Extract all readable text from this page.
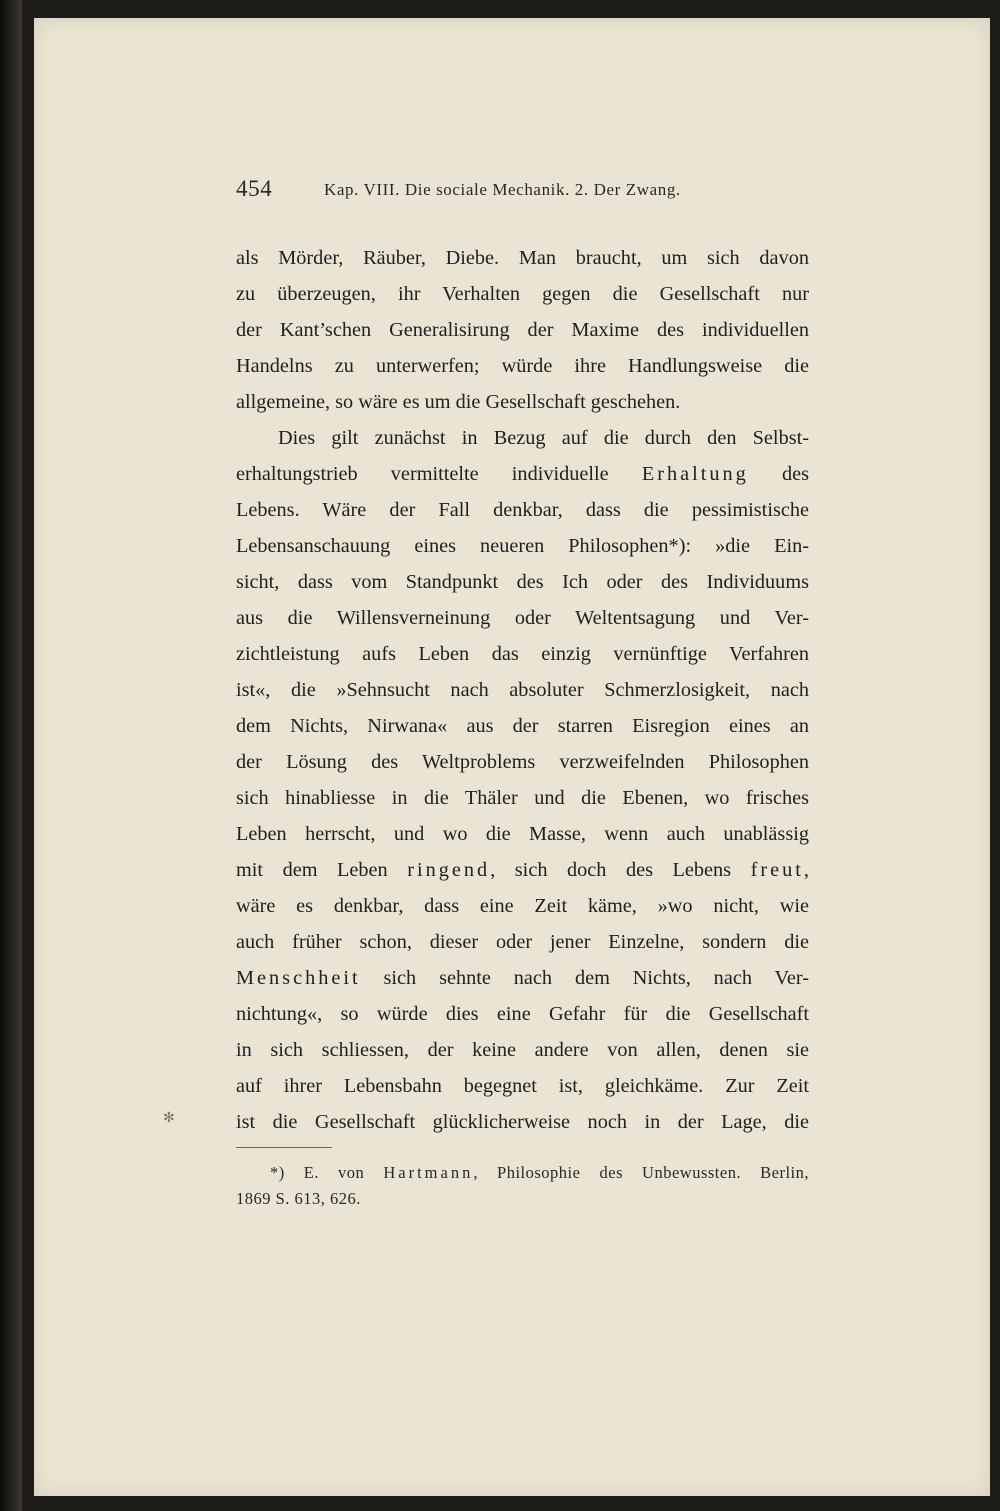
454	Kap. VIII. Die sociale Mechanik. 2. Der Zwang.
als Mörder, Räuber, Diebe. Man braucht, um sich davon
zu überzeugen, ihr Verhalten gegen die Gesellschaft nur
der Kant’schen Generalisirung der Maxime des individuellen
Handelns zu unterwerfen; würde ihre Handlungsweise die
allgemeine, so wäre es um die Gesellschaft geschehen.
Dies gilt zunächst in Bezug auf die durch den Selbst-
erhaltungstrieb vermittelte individuelle Erhaltung des
Lebens. Wäre der Fall denkbar, dass die pessimistische
Lebensanschauung eines neueren Philosophen*): »die Ein-
sicht, dass vom Standpunkt des Ich oder des Individuums
aus die Willensverneinung oder Weltentsagung und Ver-
zichtleistung aufs Leben das einzig vernünftige Verfahren
ist«, die »Sehnsucht nach absoluter Schmerzlosigkeit, nach
dem Nichts, Nirwana« aus der starren Eisregion eines an
der Lösung des Weltproblems verzweifelnden Philosophen
sich hinabliesse in die Thäler und die Ebenen, wo frisches
Leben herrscht, und wo die Masse, wenn auch unablässig
mit dem Leben ringend, sich doch des Lebens freut,
wäre es denkbar, dass eine Zeit käme, »wo nicht, wie
auch früher schon, dieser oder jener Einzelne, sondern die
Menschheit sich sehnte nach dem Nichts, nach Ver-
nichtung«, so würde dies eine Gefahr für die Gesellschaft
in sich schliessen, der keine andere von allen, denen sie
auf ihrer Lebensbahn begegnet ist, gleichkäme. Zur Zeit
ist die Gesellschaft glücklicherweise noch in der Lage, die
✻
*) E. von Hartmann, Philosophie des Unbewussten. Berlin,
1869 S. 613, 626.
